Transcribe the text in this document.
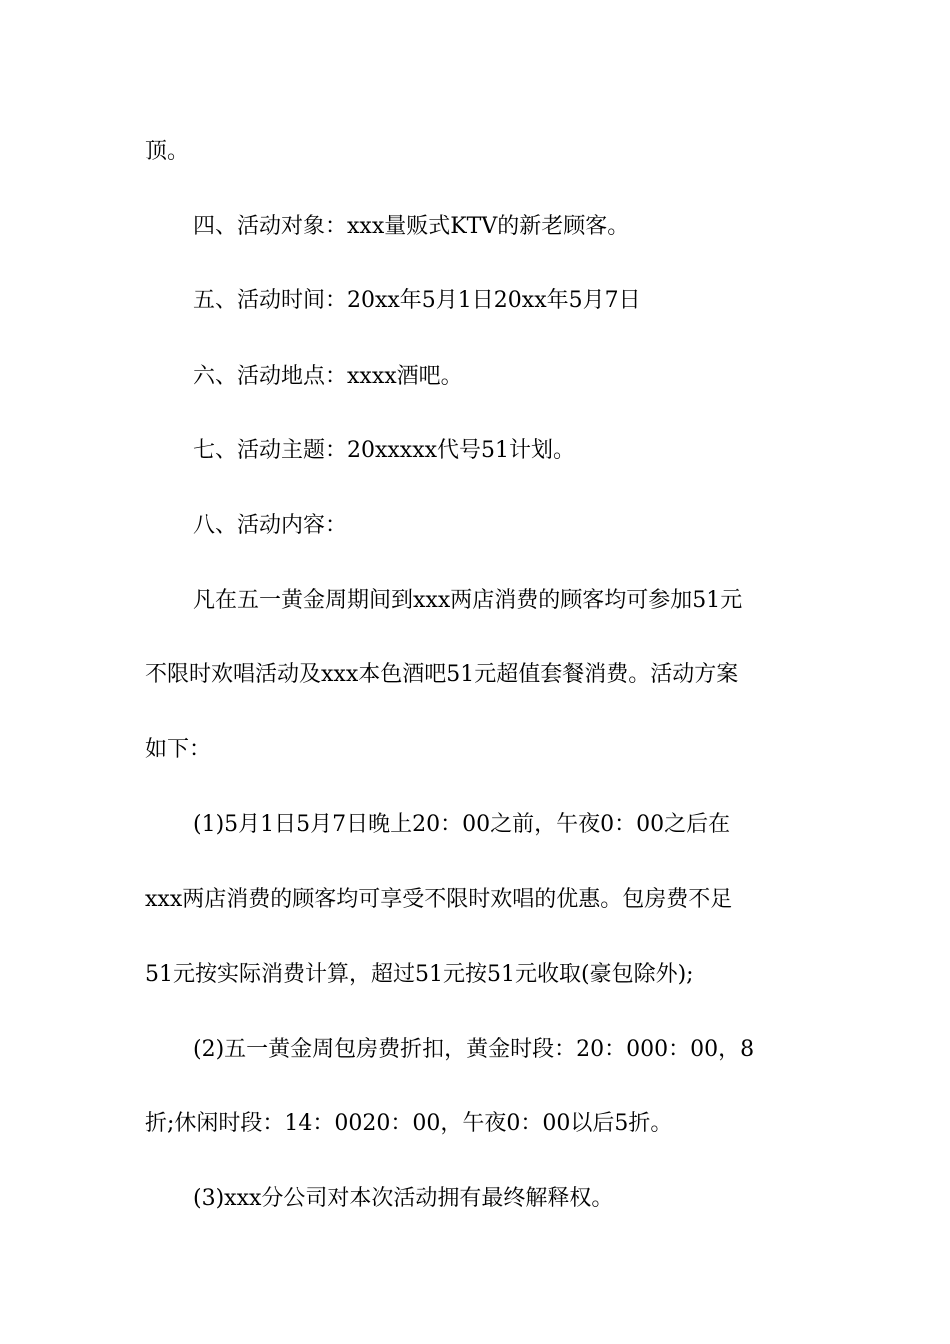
顶。
四、活动对象：xxx量贩式KTV的新老顾客。
五、活动时间：20xx年5月1日20xx年5月7日
六、活动地点：xxxx酒吧。
七、活动主题：20xxxxx代号51计划。
八、活动内容：
凡在五一黄金周期间到xxx两店消费的顾客均可参加51元
不限时欢唱活动及xxx本色酒吧51元超值套餐消费。活动方案
如下：
(1)5月1日5月7日晚上20：00之前，午夜0：00之后在
xxx两店消费的顾客均可享受不限时欢唱的优惠。包房费不足
51元按实际消费计算，超过51元按51元收取(豪包除外);
(2)五一黄金周包房费折扣，黄金时段：20：000：00，8
折;休闲时段：14：0020：00，午夜0：00以后5折。
(3)xxx分公司对本次活动拥有最终解释权。
